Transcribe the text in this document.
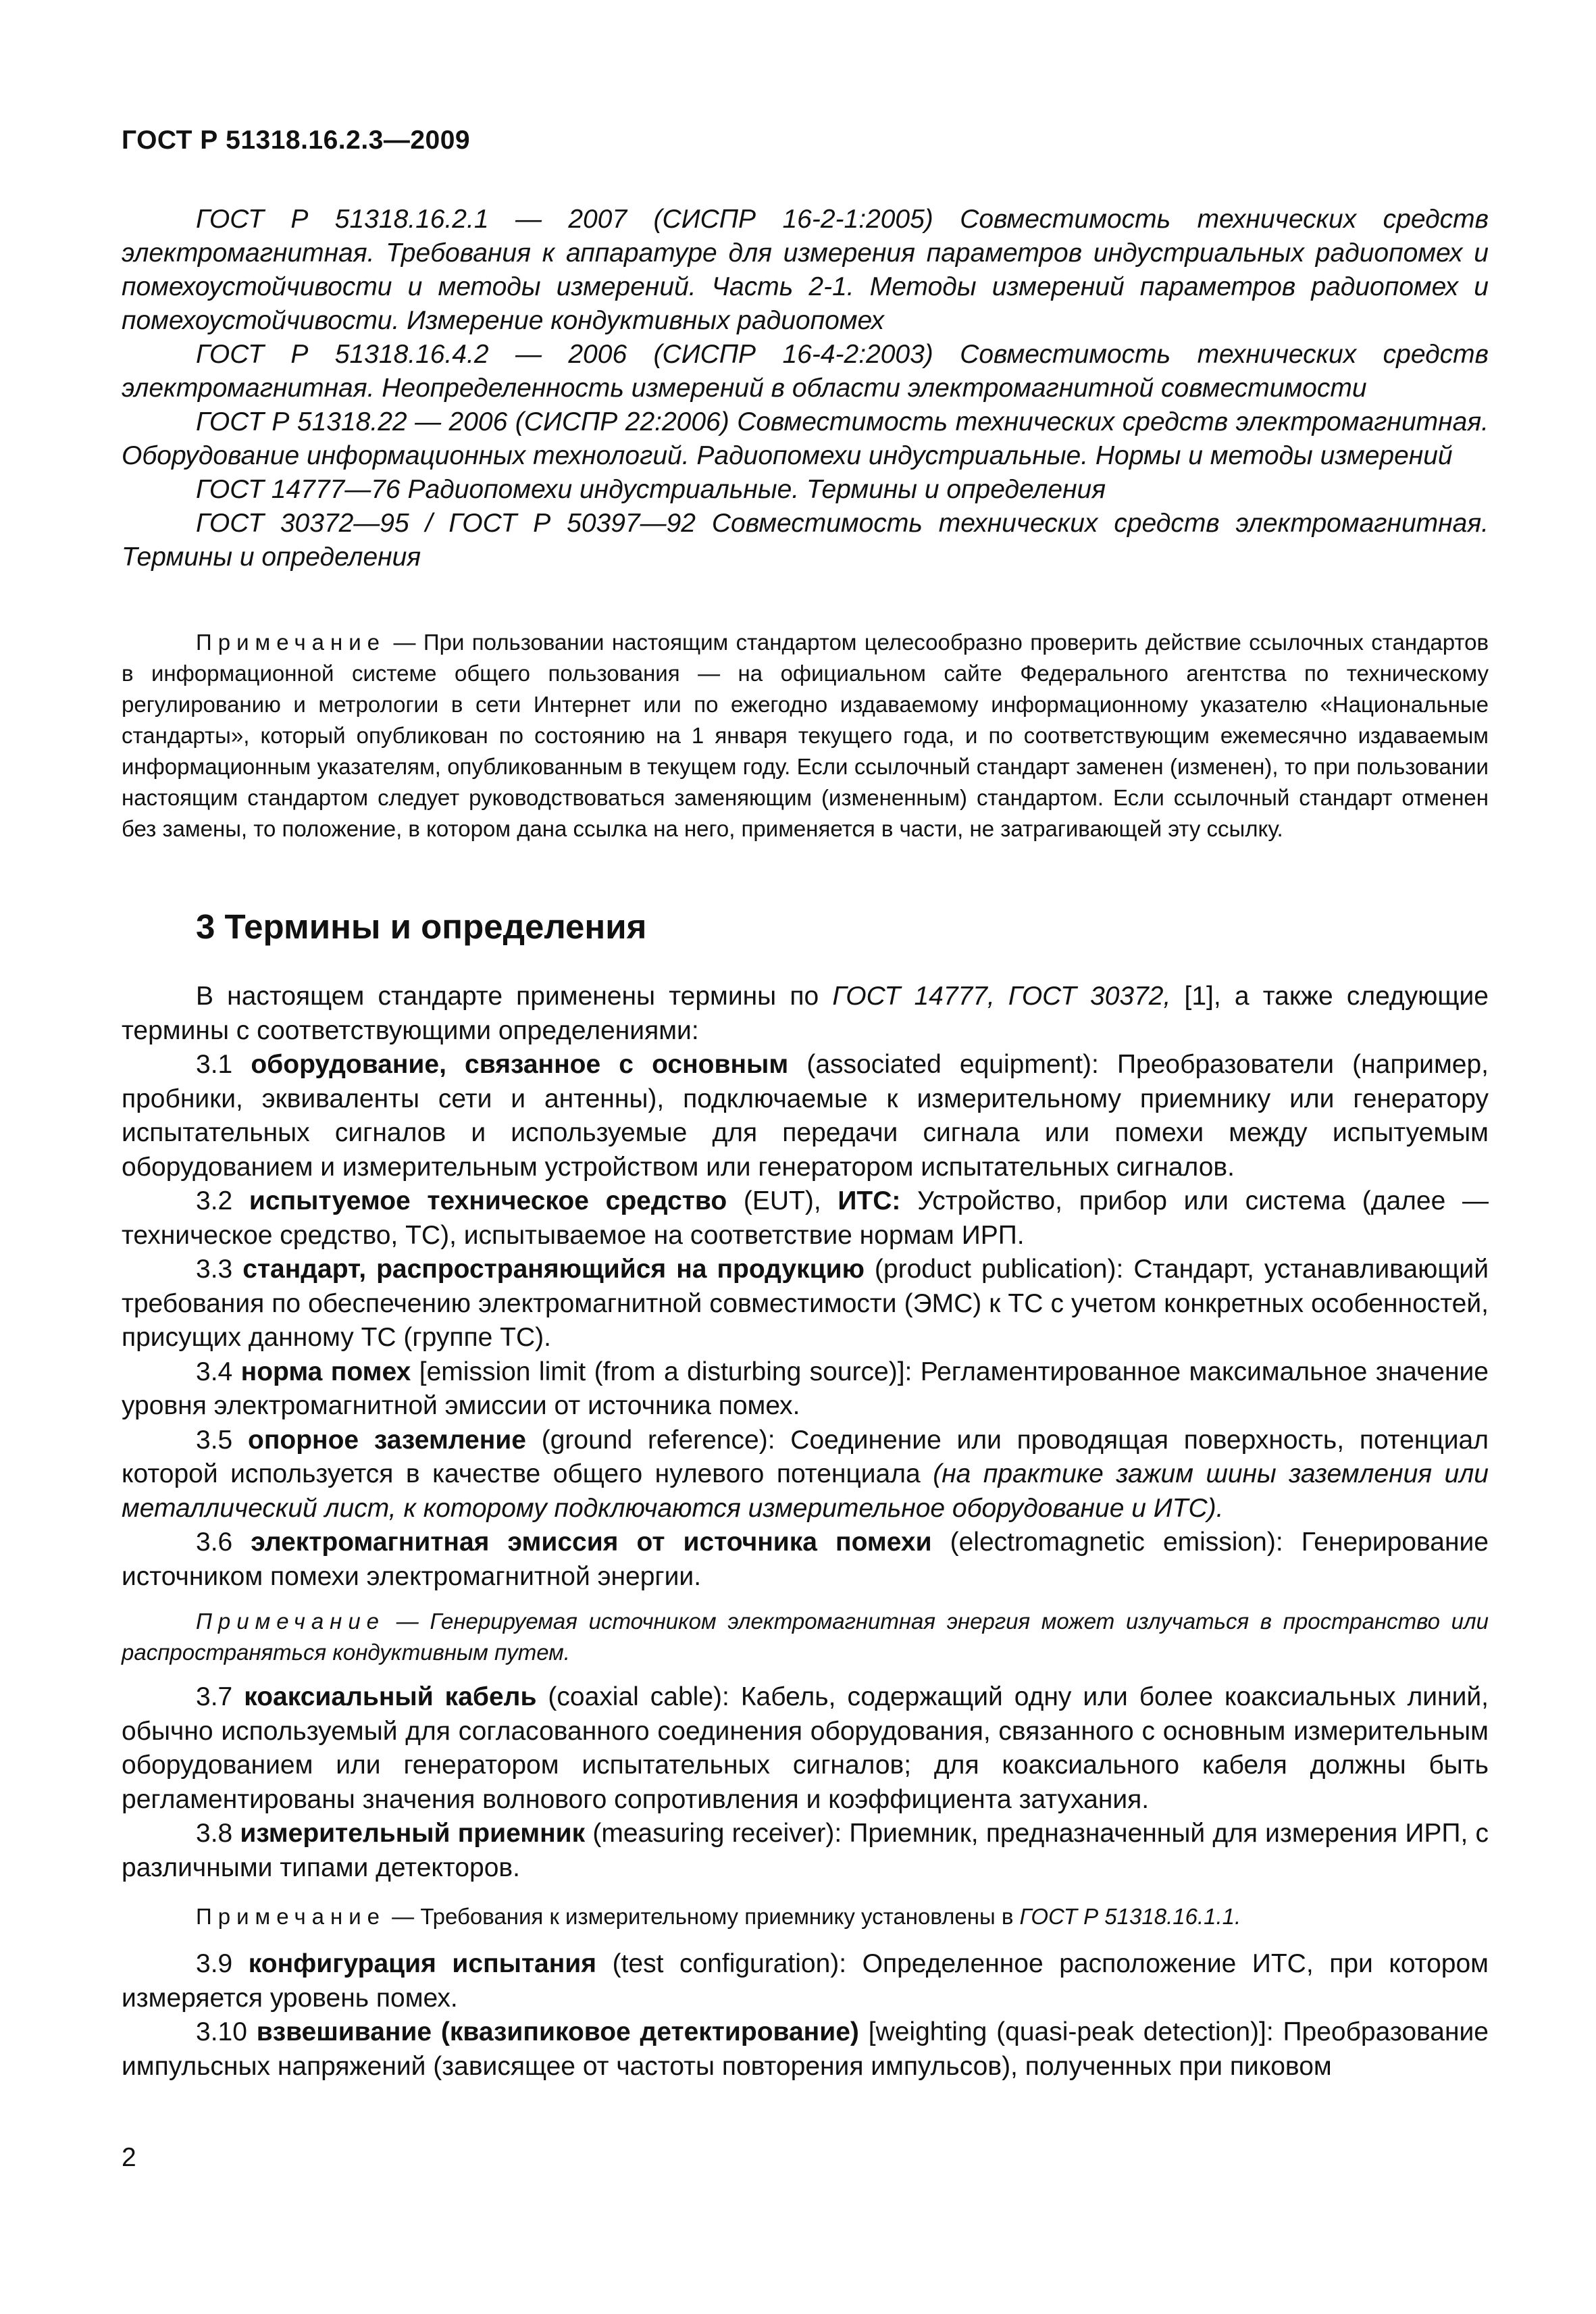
ГОСТ Р 51318.16.2.3—2009

ГОСТ Р 51318.16.2.1 — 2007 (СИСПР 16-2-1:2005) Совместимость технических средств электромагнитная. Требования к аппаратуре для измерения параметров индустриальных радиопомех и помехоустойчивости и методы измерений. Часть 2-1. Методы измерений параметров радиопомех и помехоустойчивости. Измерение кондуктивных радиопомех

ГОСТ Р 51318.16.4.2 — 2006 (СИСПР 16-4-2:2003) Совместимость технических средств электромагнитная. Неопределенность измерений в области электромагнитной совместимости

ГОСТ Р 51318.22 — 2006 (СИСПР 22:2006) Совместимость технических средств электромагнитная. Оборудование информационных технологий. Радиопомехи индустриальные. Нормы и методы измерений

ГОСТ 14777—76 Радиопомехи индустриальные. Термины и определения

ГОСТ 30372—95 / ГОСТ Р 50397—92 Совместимость технических средств электромагнитная. Термины и определения

Примечание — При пользовании настоящим стандартом целесообразно проверить действие ссылочных стандартов в информационной системе общего пользования — на официальном сайте Федерального агентства по техническому регулированию и метрологии в сети Интернет или по ежегодно издаваемому информационному указателю «Национальные стандарты», который опубликован по состоянию на 1 января текущего года, и по соответствующим ежемесячно издаваемым информационным указателям, опубликованным в текущем году. Если ссылочный стандарт заменен (изменен), то при пользовании настоящим стандартом следует руководствоваться заменяющим (измененным) стандартом. Если ссылочный стандарт отменен без замены, то положение, в котором дана ссылка на него, применяется в части, не затрагивающей эту ссылку.

3 Термины и определения

В настоящем стандарте применены термины по ГОСТ 14777, ГОСТ 30372, [1], а также следующие термины с соответствующими определениями:

3.1 оборудование, связанное с основным (associated equipment): Преобразователи (например, пробники, эквиваленты сети и антенны), подключаемые к измерительному приемнику или генератору испытательных сигналов и используемые для передачи сигнала или помехи между испытуемым оборудованием и измерительным устройством или генератором испытательных сигналов.

3.2 испытуемое техническое средство (EUT), ИТС: Устройство, прибор или система (далее — техническое средство, ТС), испытываемое на соответствие нормам ИРП.

3.3 стандарт, распространяющийся на продукцию (product publication): Стандарт, устанавливающий требования по обеспечению электромагнитной совместимости (ЭМС) к ТС с учетом конкретных особенностей, присущих данному ТС (группе ТС).

3.4 норма помех [emission limit (from a disturbing source)]: Регламентированное максимальное значение уровня электромагнитной эмиссии от источника помех.

3.5 опорное заземление (ground reference): Соединение или проводящая поверхность, потенциал которой используется в качестве общего нулевого потенциала (на практике зажим шины заземления или металлический лист, к которому подключаются измерительное оборудование и ИТС).

3.6 электромагнитная эмиссия от источника помехи (electromagnetic emission): Генерирование источником помехи электромагнитной энергии.

Примечание — Генерируемая источником электромагнитная энергия может излучаться в пространство или распространяться кондуктивным путем.

3.7 коаксиальный кабель (coaxial cable): Кабель, содержащий одну или более коаксиальных линий, обычно используемый для согласованного соединения оборудования, связанного с основным измерительным оборудованием или генератором испытательных сигналов; для коаксиального кабеля должны быть регламентированы значения волнового сопротивления и коэффициента затухания.

3.8 измерительный приемник (measuring receiver): Приемник, предназначенный для измерения ИРП, с различными типами детекторов.

Примечание — Требования к измерительному приемнику установлены в ГОСТ Р 51318.16.1.1.

3.9 конфигурация испытания (test configuration): Определенное расположение ИТС, при котором измеряется уровень помех.

3.10 взвешивание (квазипиковое детектирование) [weighting (quasi-peak detection)]: Преобразование импульсных напряжений (зависящее от частоты повторения импульсов), полученных при пиковом

2
